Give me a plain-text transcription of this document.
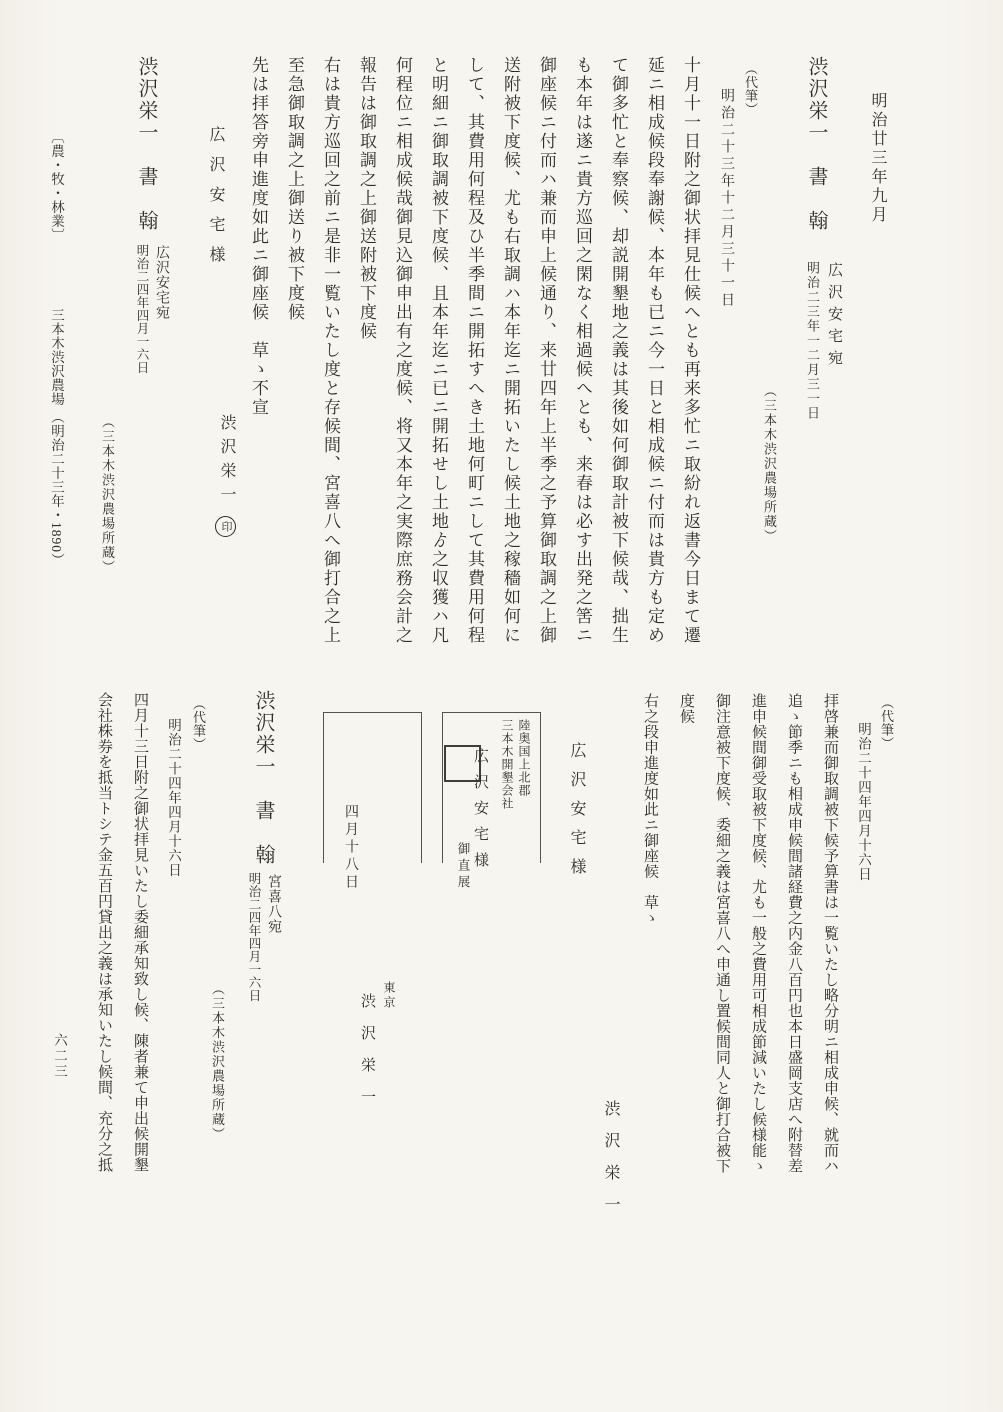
明治廿三年九月
渋沢栄一　書　翰
広沢安宅宛
明治二三年一二月三一日
（三本木渋沢農場所蔵）
（代筆）
明治二十三年十二月三十一日
十月十一日附之御状拝見仕候へとも再来多忙ニ取紛れ返書今日まて遷
延ニ相成候段奉謝候、本年も已ニ今一日と相成候ニ付而は貴方も定め
て御多忙と奉察候、却説開墾地之義は其後如何御取計被下候哉、拙生
も本年は遂ニ貴方巡回之閑なく相過候へとも、来春は必す出発之筈ニ
御座候ニ付而ハ兼而申上候通り、来廿四年上半季之予算御取調之上御
送附被下度候、尤も右取調ハ本年迄ニ開拓いたし候土地之稼穡如何に
して、其費用何程及ひ半季間ニ開拓すへき土地何町ニして其費用何程
と明細ニ御取調被下度候、且本年迄ニ已ニ開拓せし土地ゟ之収獲ハ凡
何程位ニ相成候哉御見込御申出有之度候、将又本年之実際庶務会計之
報告は御取調之上御送附被下度候
右は貴方巡回之前ニ是非一覧いたし度と存候間、宮喜八へ御打合之上
至急御取調之上御送り被下度候
先は拝答旁申進度如此ニ御座候　草ゝ不宣
広沢安宅様
渋沢栄一印
渋沢栄一　書　翰
広沢安宅宛
明治二四年四月一六日
（三本木渋沢農場所蔵）
〔農・牧・林業〕三本木渋沢農場（明治二十三年・1890）
（代筆）
明治二十四年四月十六日
拝啓兼而御取調被下候予算書は一覧いたし略分明ニ相成申候、就而ハ
追ゝ節季ニも相成申候間諸経費之内金八百円也本日盛岡支店へ附替差
進申候間御受取被下度候、尤も一般之費用可相成節減いたし候様能ゝ
御注意被下度候、委細之義は宮喜八へ申通し置候間同人と御打合被下
度候
右之段申進度如此ニ御座候　草ゝ
渋沢栄一
広沢安宅様
陸奥国上北郡
三本木開墾会社
広沢安宅様
御直展
四月十八日
東京
渋沢栄一
渋沢栄一　書　翰
宮喜八宛
明治二四年四月一六日
（三本木渋沢農場所蔵）
（代筆）
明治二十四年四月十六日
四月十三日附之御状拝見いたし委細承知致し候、陳者兼て申出候開墾
会社株券を抵当トシテ金五百円貸出之義は承知いたし候間、充分之抵
六二三
